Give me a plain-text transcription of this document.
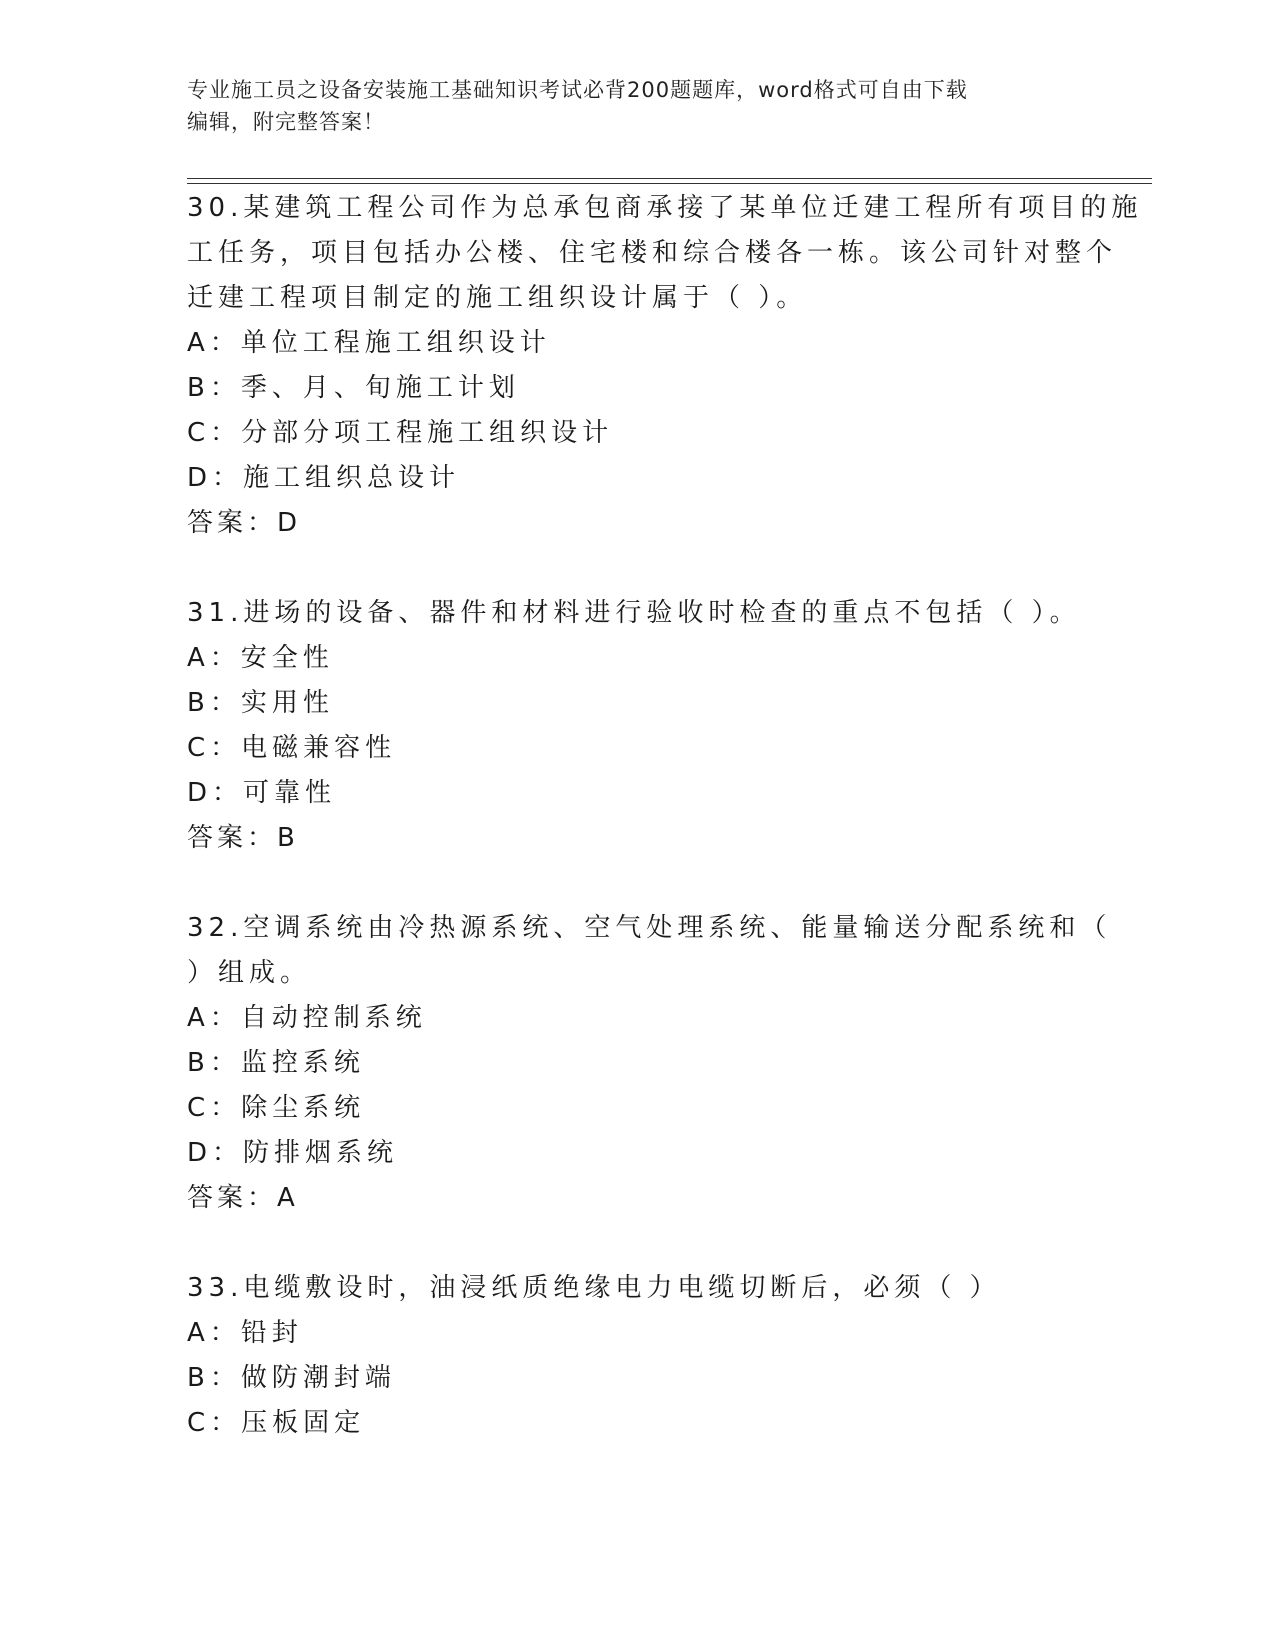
专业施工员之设备安装施工基础知识考试必背200题题库，word格式可自由下载
编辑，附完整答案！
30.某建筑工程公司作为总承包商承接了某单位迁建工程所有项目的施
工任务，项目包括办公楼、住宅楼和综合楼各一栋。该公司针对整个
迁建工程项目制定的施工组织设计属于（ ）。
A：单位工程施工组织设计
B：季、月、旬施工计划
C：分部分项工程施工组织设计
D：施工组织总设计
答案：D
31.进场的设备、器件和材料进行验收时检查的重点不包括（ ）。
A：安全性
B：实用性
C：电磁兼容性
D：可靠性
答案：B
32.空调系统由冷热源系统、空气处理系统、能量输送分配系统和（
）组成。
A：自动控制系统
B：监控系统
C：除尘系统
D：防排烟系统
答案：A
33.电缆敷设时，油浸纸质绝缘电力电缆切断后，必须（ ）
A：铅封
B：做防潮封端
C：压板固定
